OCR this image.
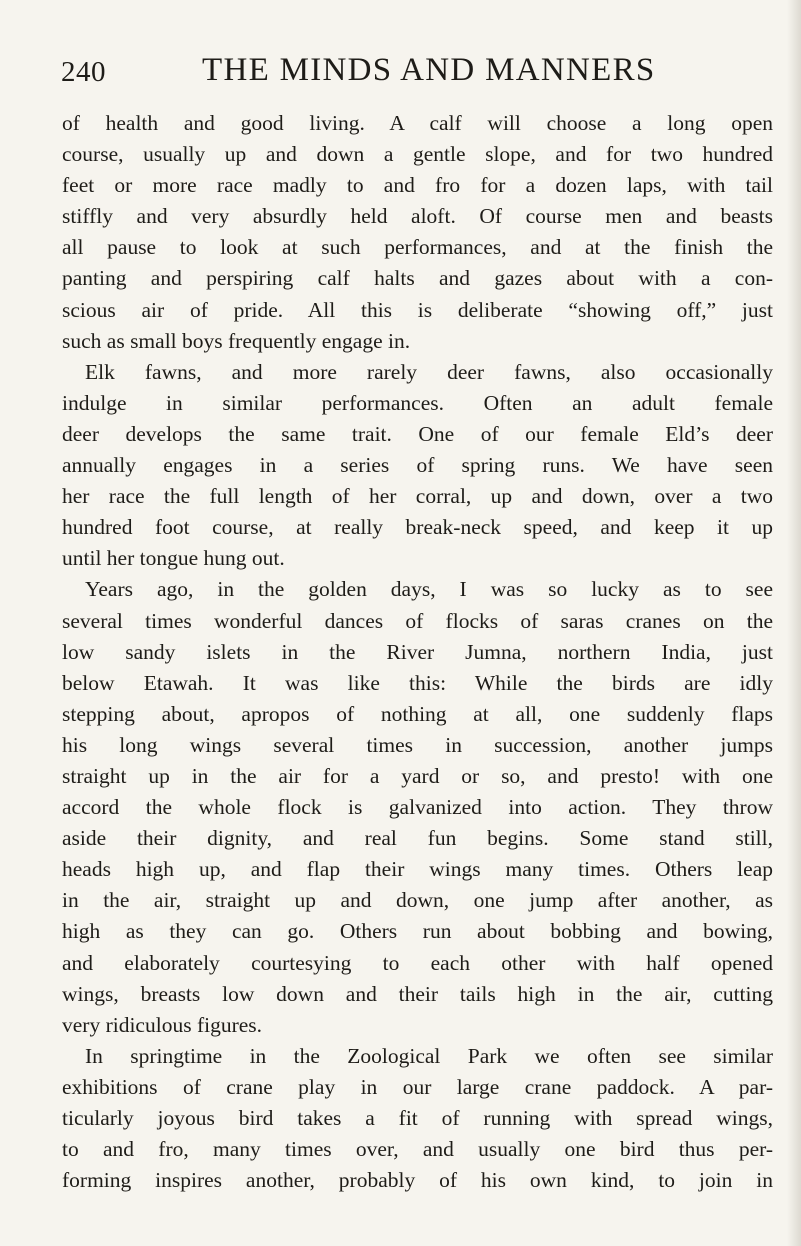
240	THE MINDS AND MANNERS
of health and good living. A calf will choose a long open
course, usually up and down a gentle slope, and for two hundred
feet or more race madly to and fro for a dozen laps, with tail
stiffly and very absurdly held aloft. Of course men and beasts
all pause to look at such performances, and at the finish the
panting and perspiring calf halts and gazes about with a con-
scious air of pride. All this is deliberate “showing off,” just
such as small boys frequently engage in.
Elk fawns, and more rarely deer fawns, also occasionally
indulge in similar performances. Often an adult female
deer develops the same trait. One of our female Eld’s deer
annually engages in a series of spring runs. We have seen
her race the full length of her corral, up and down, over a two
hundred foot course, at really break-neck speed, and keep it up
until her tongue hung out.
Years ago, in the golden days, I was so lucky as to see
several times wonderful dances of flocks of saras cranes on the
low sandy islets in the River Jumna, northern India, just
below Etawah. It was like this: While the birds are idly
stepping about, apropos of nothing at all, one suddenly flaps
his long wings several times in succession, another jumps
straight up in the air for a yard or so, and presto! with one
accord the whole flock is galvanized into action. They throw
aside their dignity, and real fun begins. Some stand still,
heads high up, and flap their wings many times. Others leap
in the air, straight up and down, one jump after another, as
high as they can go. Others run about bobbing and bowing,
and elaborately courtesying to each other with half opened
wings, breasts low down and their tails high in the air, cutting
very ridiculous figures.
In springtime in the Zoological Park we often see similar
exhibitions of crane play in our large crane paddock. A par-
ticularly joyous bird takes a fit of running with spread wings,
to and fro, many times over, and usually one bird thus per-
forming inspires another, probably of his own kind, to join in
